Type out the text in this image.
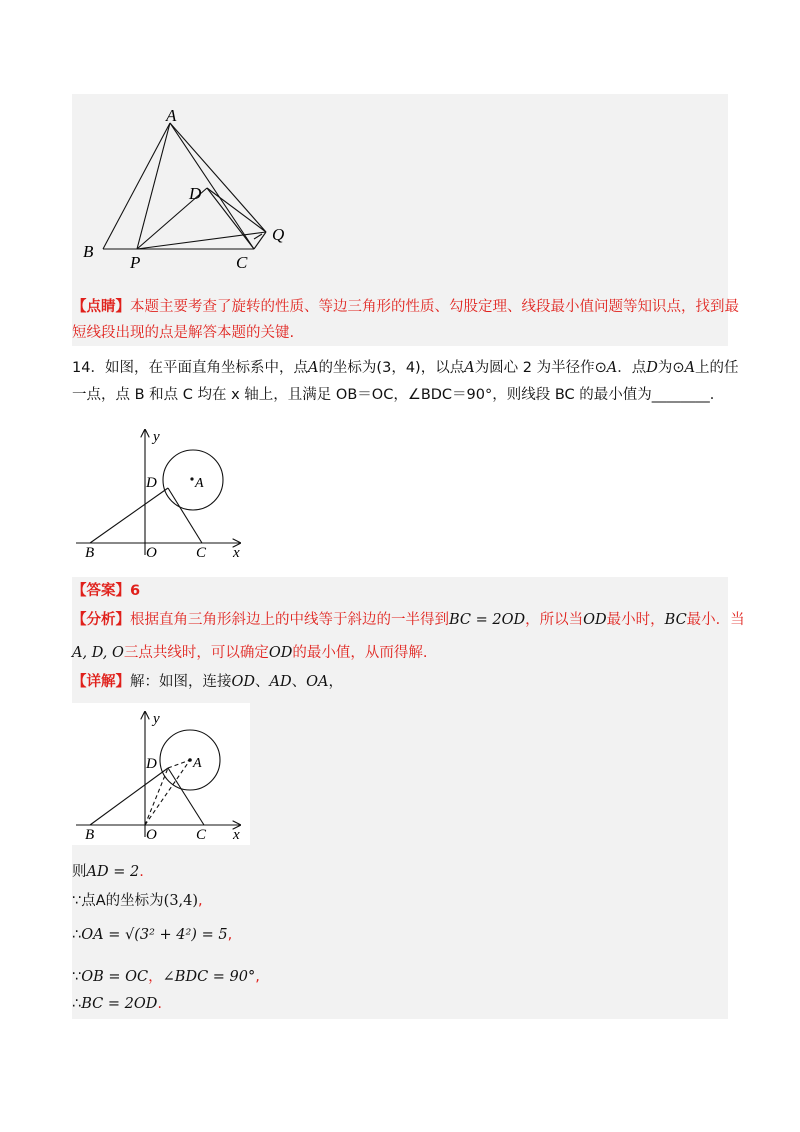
A
D
B
P	C
Q
【点睛】本题主要考查了旋转的性质、等边三角形的性质、勾股定理、线段最小值问题等知识点，找到最
短线段出现的点是解答本题的关键.
14．如图，在平面直角坐标系中，点A的坐标为(3，4)，以点A为圆心 2 为半径作⊙A．点D为⊙A上的任
一点，点 B 和点 C 均在 x 轴上，且满足 OB＝OC，∠BDC＝90°，则线段 BC 的最小值为________．
y
D	A
B	O	C x
【答案】6
【分析】根据直角三角形斜边上的中线等于斜边的一半得到BC = 2OD，所以当OD最小时，BC最小．当
A, D, O三点共线时，可以确定OD的最小值，从而得解.
【详解】解：如图，连接OD、AD、OA，
y
D	A
B	O	C x
则AD = 2.
∵点A的坐标为(3,4),
∴OA = √(3² + 4²) = 5,
∵OB = OC，∠BDC = 90°,
∴BC = 2OD.
